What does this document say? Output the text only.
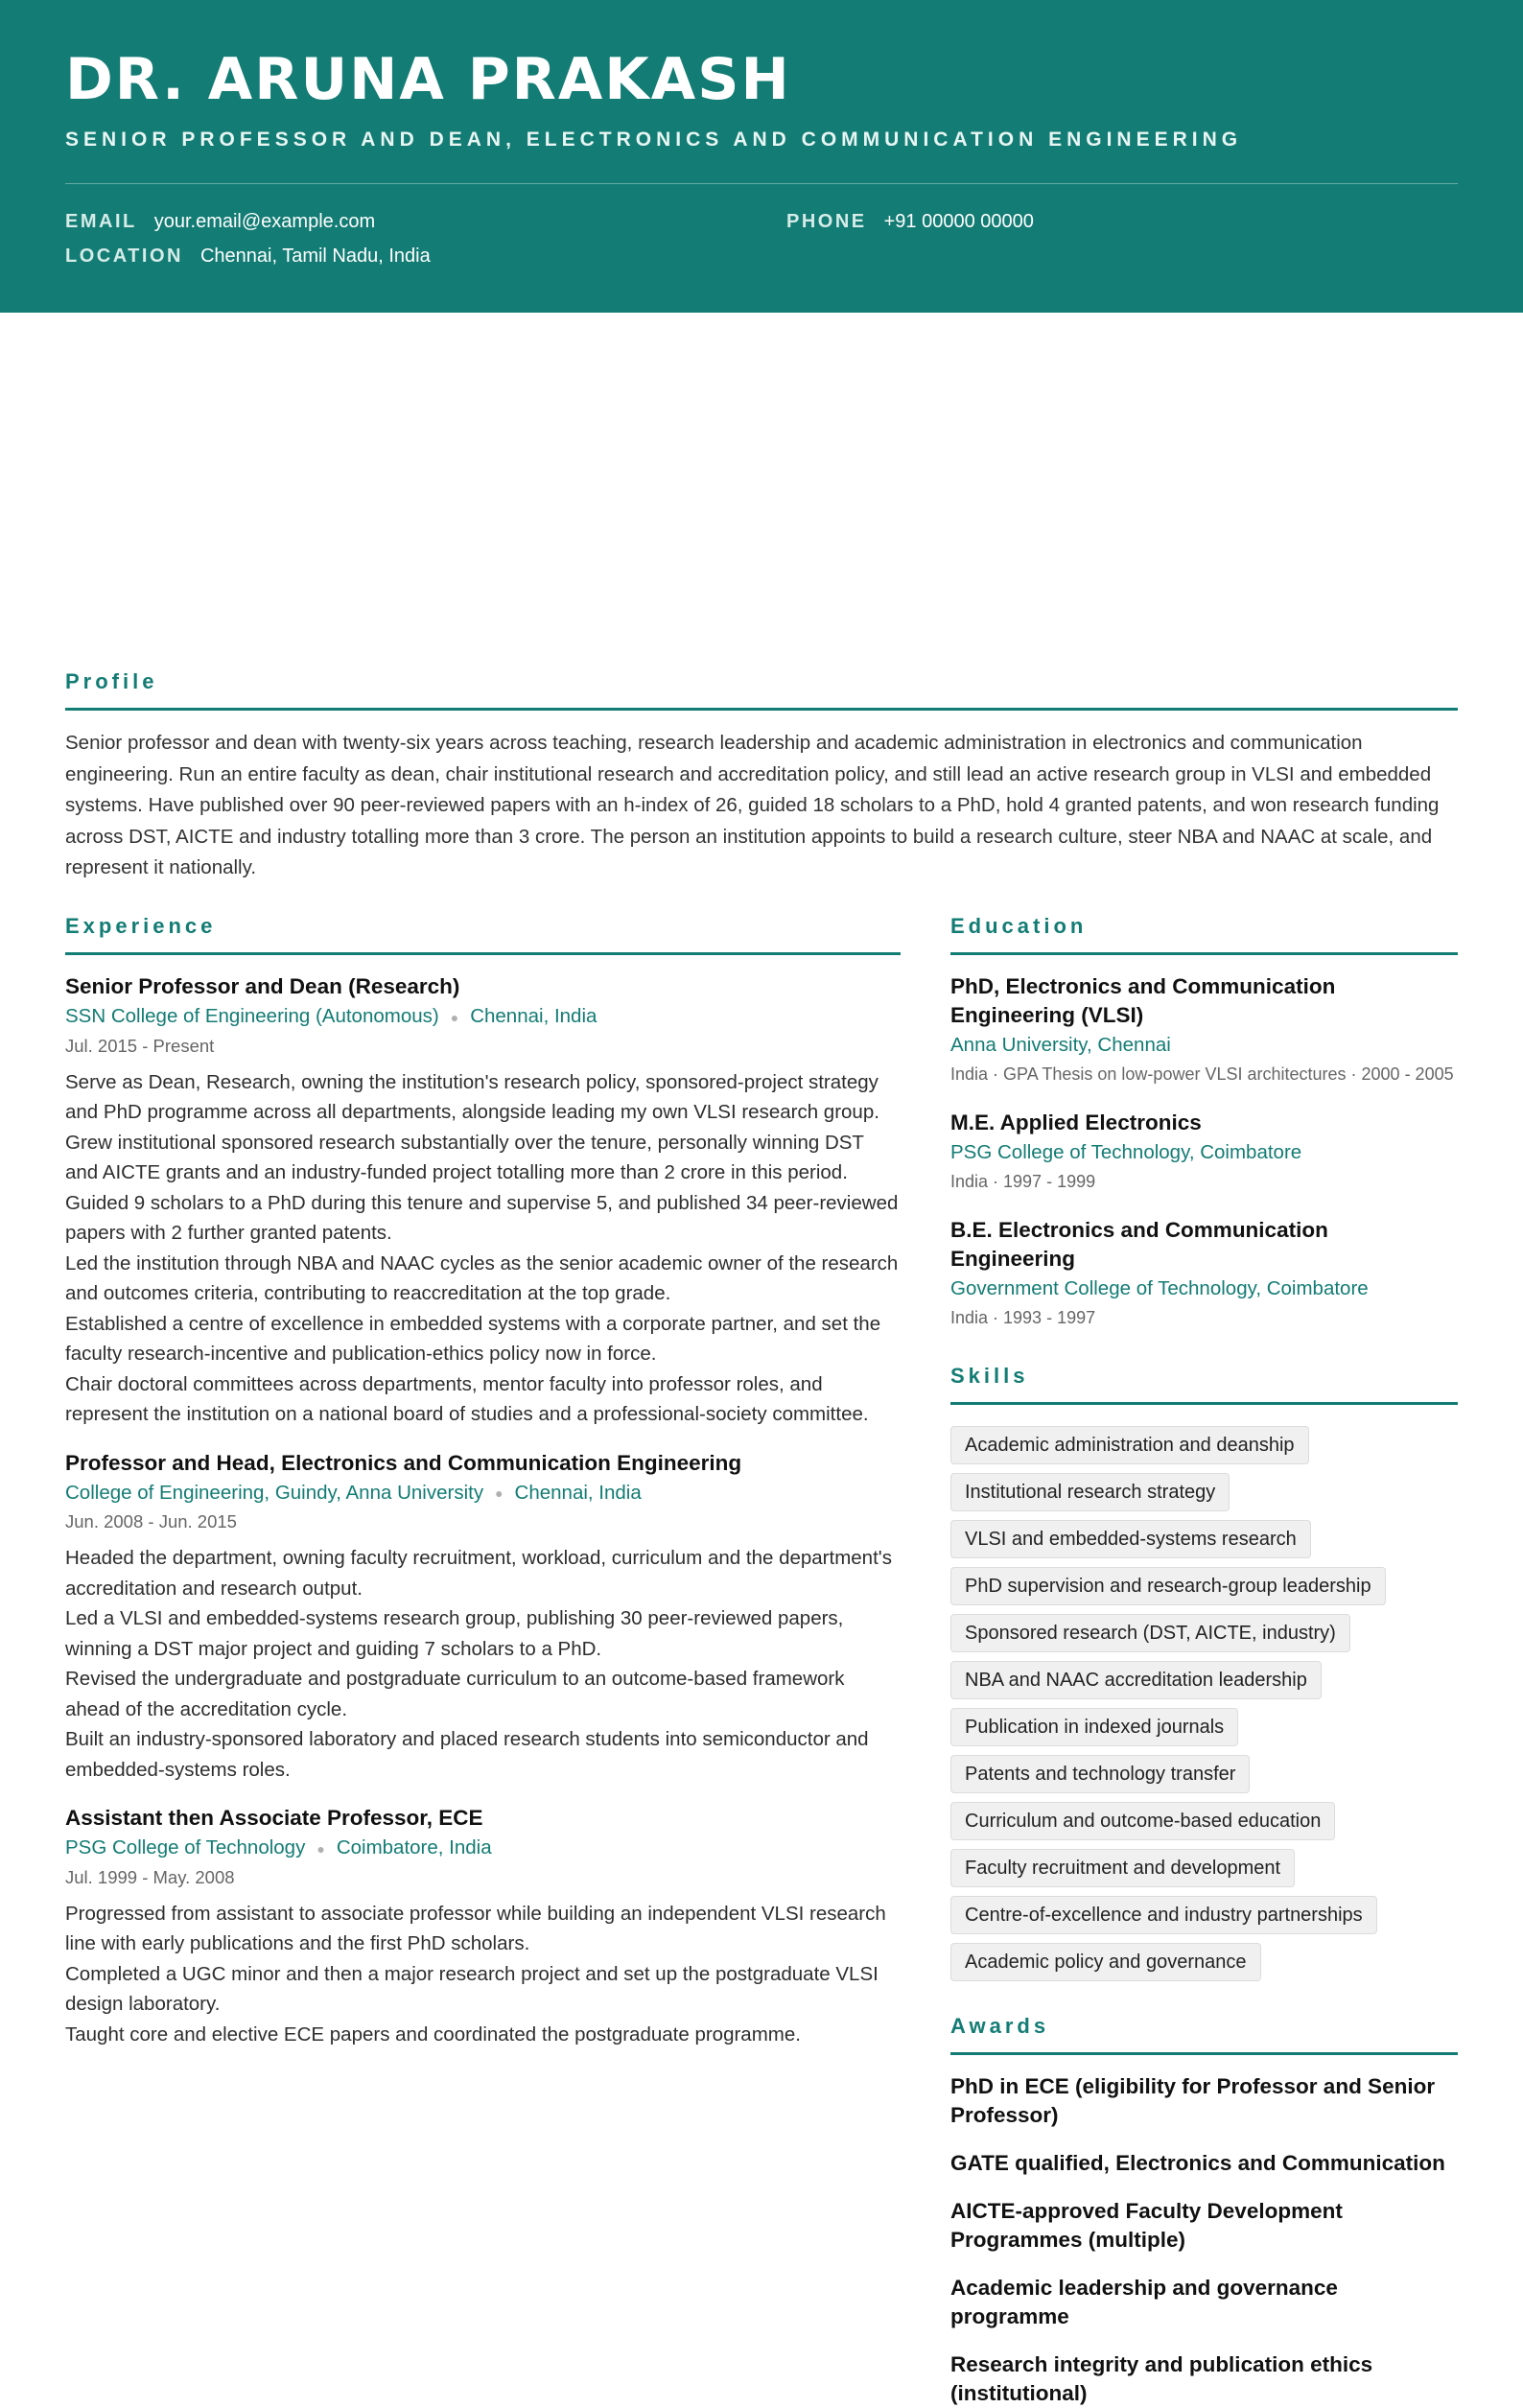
DR. ARUNA PRAKASH
SENIOR PROFESSOR AND DEAN, ELECTRONICS AND COMMUNICATION ENGINEERING
EMAIL your.email@example.com	PHONE +91 00000 00000
LOCATION Chennai, Tamil Nadu, India
Profile

Senior professor and dean with twenty-six years across teaching, research leadership and academic administration in electronics and communication engineering. Run an entire faculty as dean, chair institutional research and accreditation policy, and still lead an active research group in VLSI and embedded systems. Have published over 90 peer-reviewed papers with an h-index of 26, guided 18 scholars to a PhD, hold 4 granted patents, and won research funding across DST, AICTE and industry totalling more than 3 crore. The person an institution appoints to build a research culture, steer NBA and NAAC at scale, and represent it nationally.

Experience
Senior Professor and Dean (Research)
SSN College of Engineering (Autonomous) ● Chennai, India
Jul. 2015 - Present
Serve as Dean, Research, owning the institution's research policy, sponsored-project strategy and PhD programme across all departments, alongside leading my own VLSI research group.
Grew institutional sponsored research substantially over the tenure, personally winning DST and AICTE grants and an industry-funded project totalling more than 2 crore in this period.
Guided 9 scholars to a PhD during this tenure and supervise 5, and published 34 peer-reviewed papers with 2 further granted patents.
Led the institution through NBA and NAAC cycles as the senior academic owner of the research and outcomes criteria, contributing to reaccreditation at the top grade.
Established a centre of excellence in embedded systems with a corporate partner, and set the faculty research-incentive and publication-ethics policy now in force.
Chair doctoral committees across departments, mentor faculty into professor roles, and represent the institution on a national board of studies and a professional-society committee.
Professor and Head, Electronics and Communication Engineering
College of Engineering, Guindy, Anna University ● Chennai, India
Jun. 2008 - Jun. 2015
Headed the department, owning faculty recruitment, workload, curriculum and the department's accreditation and research output.
Led a VLSI and embedded-systems research group, publishing 30 peer-reviewed papers, winning a DST major project and guiding 7 scholars to a PhD.
Revised the undergraduate and postgraduate curriculum to an outcome-based framework ahead of the accreditation cycle.
Built an industry-sponsored laboratory and placed research students into semiconductor and embedded-systems roles.
Assistant then Associate Professor, ECE
PSG College of Technology ● Coimbatore, India
Jul. 1999 - May. 2008
Progressed from assistant to associate professor while building an independent VLSI research line with early publications and the first PhD scholars.
Completed a UGC minor and then a major research project and set up the postgraduate VLSI design laboratory.
Taught core and elective ECE papers and coordinated the postgraduate programme.
Education
PhD, Electronics and Communication Engineering (VLSI)
Anna University, Chennai
India · GPA Thesis on low-power VLSI architectures · 2000 - 2005
M.E. Applied Electronics
PSG College of Technology, Coimbatore
India · 1997 - 1999
B.E. Electronics and Communication Engineering
Government College of Technology, Coimbatore
India · 1993 - 1997
Skills
Academic administration and deanship
Institutional research strategy
VLSI and embedded-systems research
PhD supervision and research-group leadership
Sponsored research (DST, AICTE, industry)
NBA and NAAC accreditation leadership
Publication in indexed journals
Patents and technology transfer
Curriculum and outcome-based education
Faculty recruitment and development
Centre-of-excellence and industry partnerships
Academic policy and governance
Awards
PhD in ECE (eligibility for Professor and Senior Professor)
GATE qualified, Electronics and Communication
AICTE-approved Faculty Development Programmes (multiple)
Academic leadership and governance programme
Research integrity and publication ethics (institutional)
